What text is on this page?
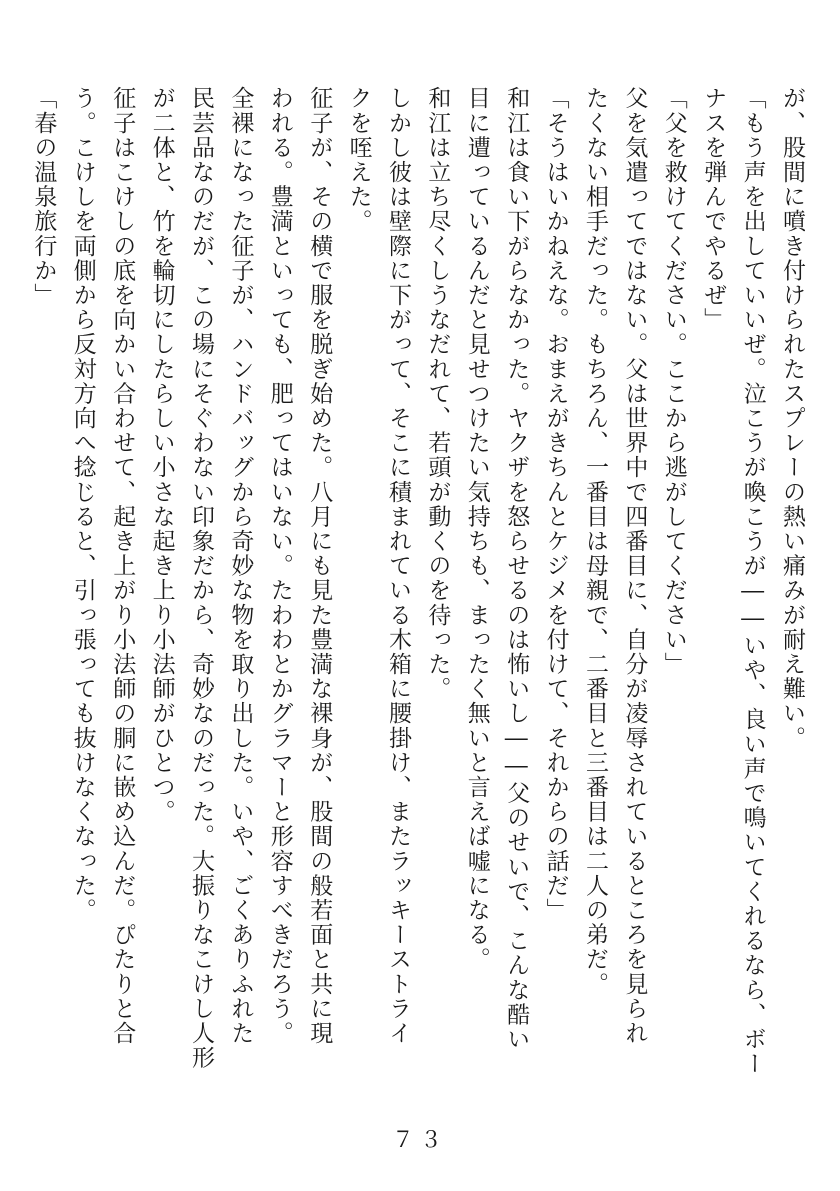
が、股間に噴き付けられたスプレーの熱い痛みが耐え難い。
「もう声を出していいぜ。泣こうが喚こうが――いや、良い声で鳴いてくれるなら、ボー
ナスを弾んでやるぜ」
「父を救けてください。ここから逃がしてください」
父を気遣ってではない。父は世界中で四番目に、自分が凌辱されているところを見られ
たくない相手だった。もちろん、一番目は母親で、二番目と三番目は二人の弟だ。
「そうはいかねえな。おまえがきちんとケジメを付けて、それからの話だ」
和江は食い下がらなかった。ヤクザを怒らせるのは怖いし――父のせいで、こんな酷い
目に遭っているんだと見せつけたい気持ちも、まったく無いと言えば嘘になる。
和江は立ち尽くしうなだれて、若頭が動くのを待った。
しかし彼は壁際に下がって、そこに積まれている木箱に腰掛け、またラッキーストライ
クを咥えた。
征子が、その横で服を脱ぎ始めた。八月にも見た豊満な裸身が、股間の般若面と共に現
われる。豊満といっても、肥ってはいない。たわわとかグラマーと形容すべきだろう。
全裸になった征子が、ハンドバッグから奇妙な物を取り出した。いや、ごくありふれた
民芸品なのだが、この場にそぐわない印象だから、奇妙なのだった。大振りなこけし人形
が二体と、竹を輪切にしたらしい小さな起き上り小法師がひとつ。
征子はこけしの底を向かい合わせて、起き上がり小法師の胴に嵌め込んだ。ぴたりと合
う。こけしを両側から反対方向へ捻じると、引っ張っても抜けなくなった。
「春の温泉旅行か」
７３
